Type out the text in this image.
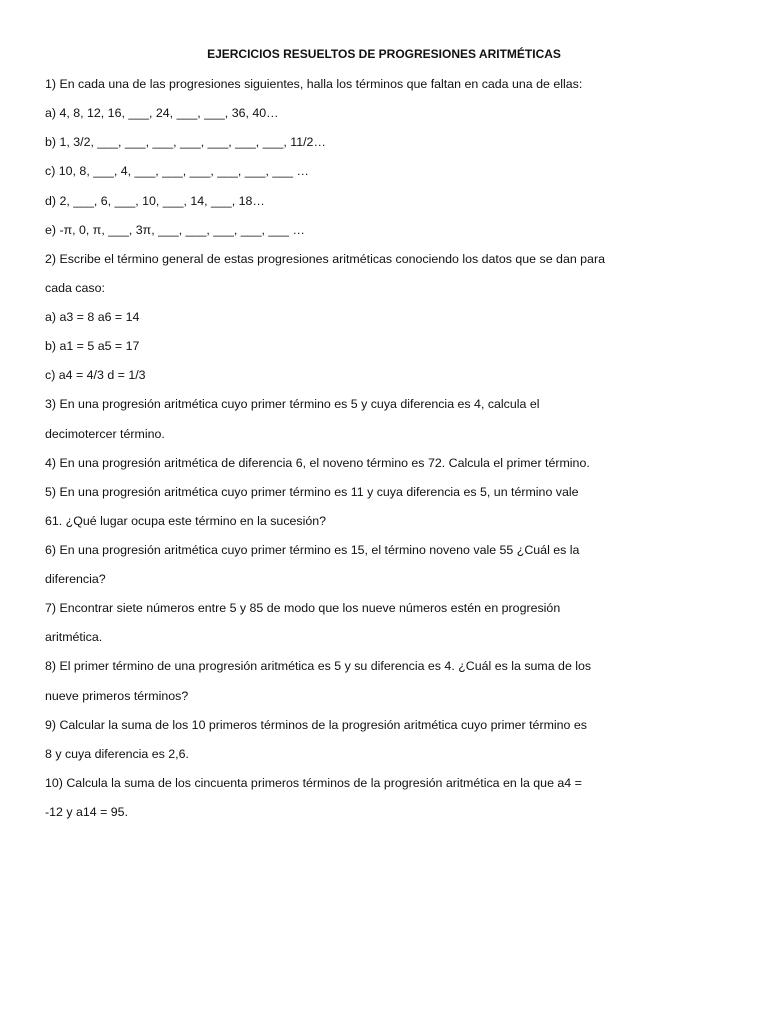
EJERCICIOS RESUELTOS DE PROGRESIONES ARITMÉTICAS
1) En cada una de las progresiones siguientes, halla los términos que faltan en cada una de ellas:
a) 4, 8, 12, 16, ___, 24, ___, ___, 36, 40…
b) 1, 3/2, ___, ___, ___, ___, ___, ___, ___, 11/2…
c) 10, 8, ___, 4, ___, ___, ___, ___, ___, ___ …
d) 2, ___, 6, ___, 10, ___, 14, ___, 18…
e) -π, 0, π, ___, 3π, ___, ___, ___, ___, ___ …
2) Escribe el término general de estas progresiones aritméticas conociendo los datos que se dan para
cada caso:
a) a3 = 8 a6 = 14
b) a1 = 5 a5 = 17
c) a4 = 4/3 d = 1/3
3) En una progresión aritmética cuyo primer término es 5 y cuya diferencia es 4, calcula el
decimotercer término.
4) En una progresión aritmética de diferencia 6, el noveno término es 72. Calcula el primer término.
5) En una progresión aritmética cuyo primer término es 11 y cuya diferencia es 5, un término vale
61. ¿Qué lugar ocupa este término en la sucesión?
6) En una progresión aritmética cuyo primer término es 15, el término noveno vale 55 ¿Cuál es la
diferencia?
7) Encontrar siete números entre 5 y 85 de modo que los nueve números estén en progresión
aritmética.
8) El primer término de una progresión aritmética es 5 y su diferencia es 4. ¿Cuál es la suma de los
nueve primeros términos?
9) Calcular la suma de los 10 primeros términos de la progresión aritmética cuyo primer término es
8 y cuya diferencia es 2,6.
10) Calcula la suma de los cincuenta primeros términos de la progresión aritmética en la que a4 =
-12 y a14 = 95.
